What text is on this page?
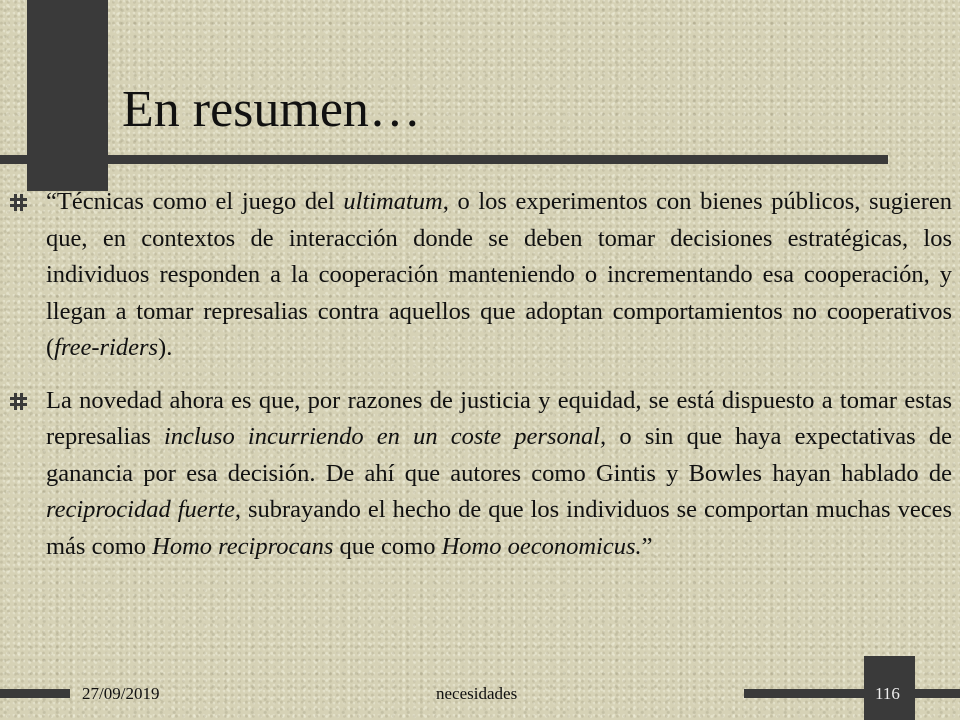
En resumen…

“Técnicas como el juego del ultimatum, o los experimentos con bienes públicos, sugieren que, en contextos de interacción donde se deben tomar decisiones estratégicas, los individuos responden a la cooperación manteniendo o incrementando esa cooperación, y llegan a tomar represalias contra aquellos que adoptan comportamientos no cooperativos (free-riders).

La novedad ahora es que, por razones de justicia y equidad, se está dispuesto a tomar estas represalias incluso incurriendo en un coste personal, o sin que haya expectativas de ganancia por esa decisión. De ahí que autores como Gintis y Bowles hayan hablado de reciprocidad fuerte, subrayando el hecho de que los individuos se comportan muchas veces más como Homo reciprocans que como Homo oeconomicus.”

27/09/2019	necesidades	116
